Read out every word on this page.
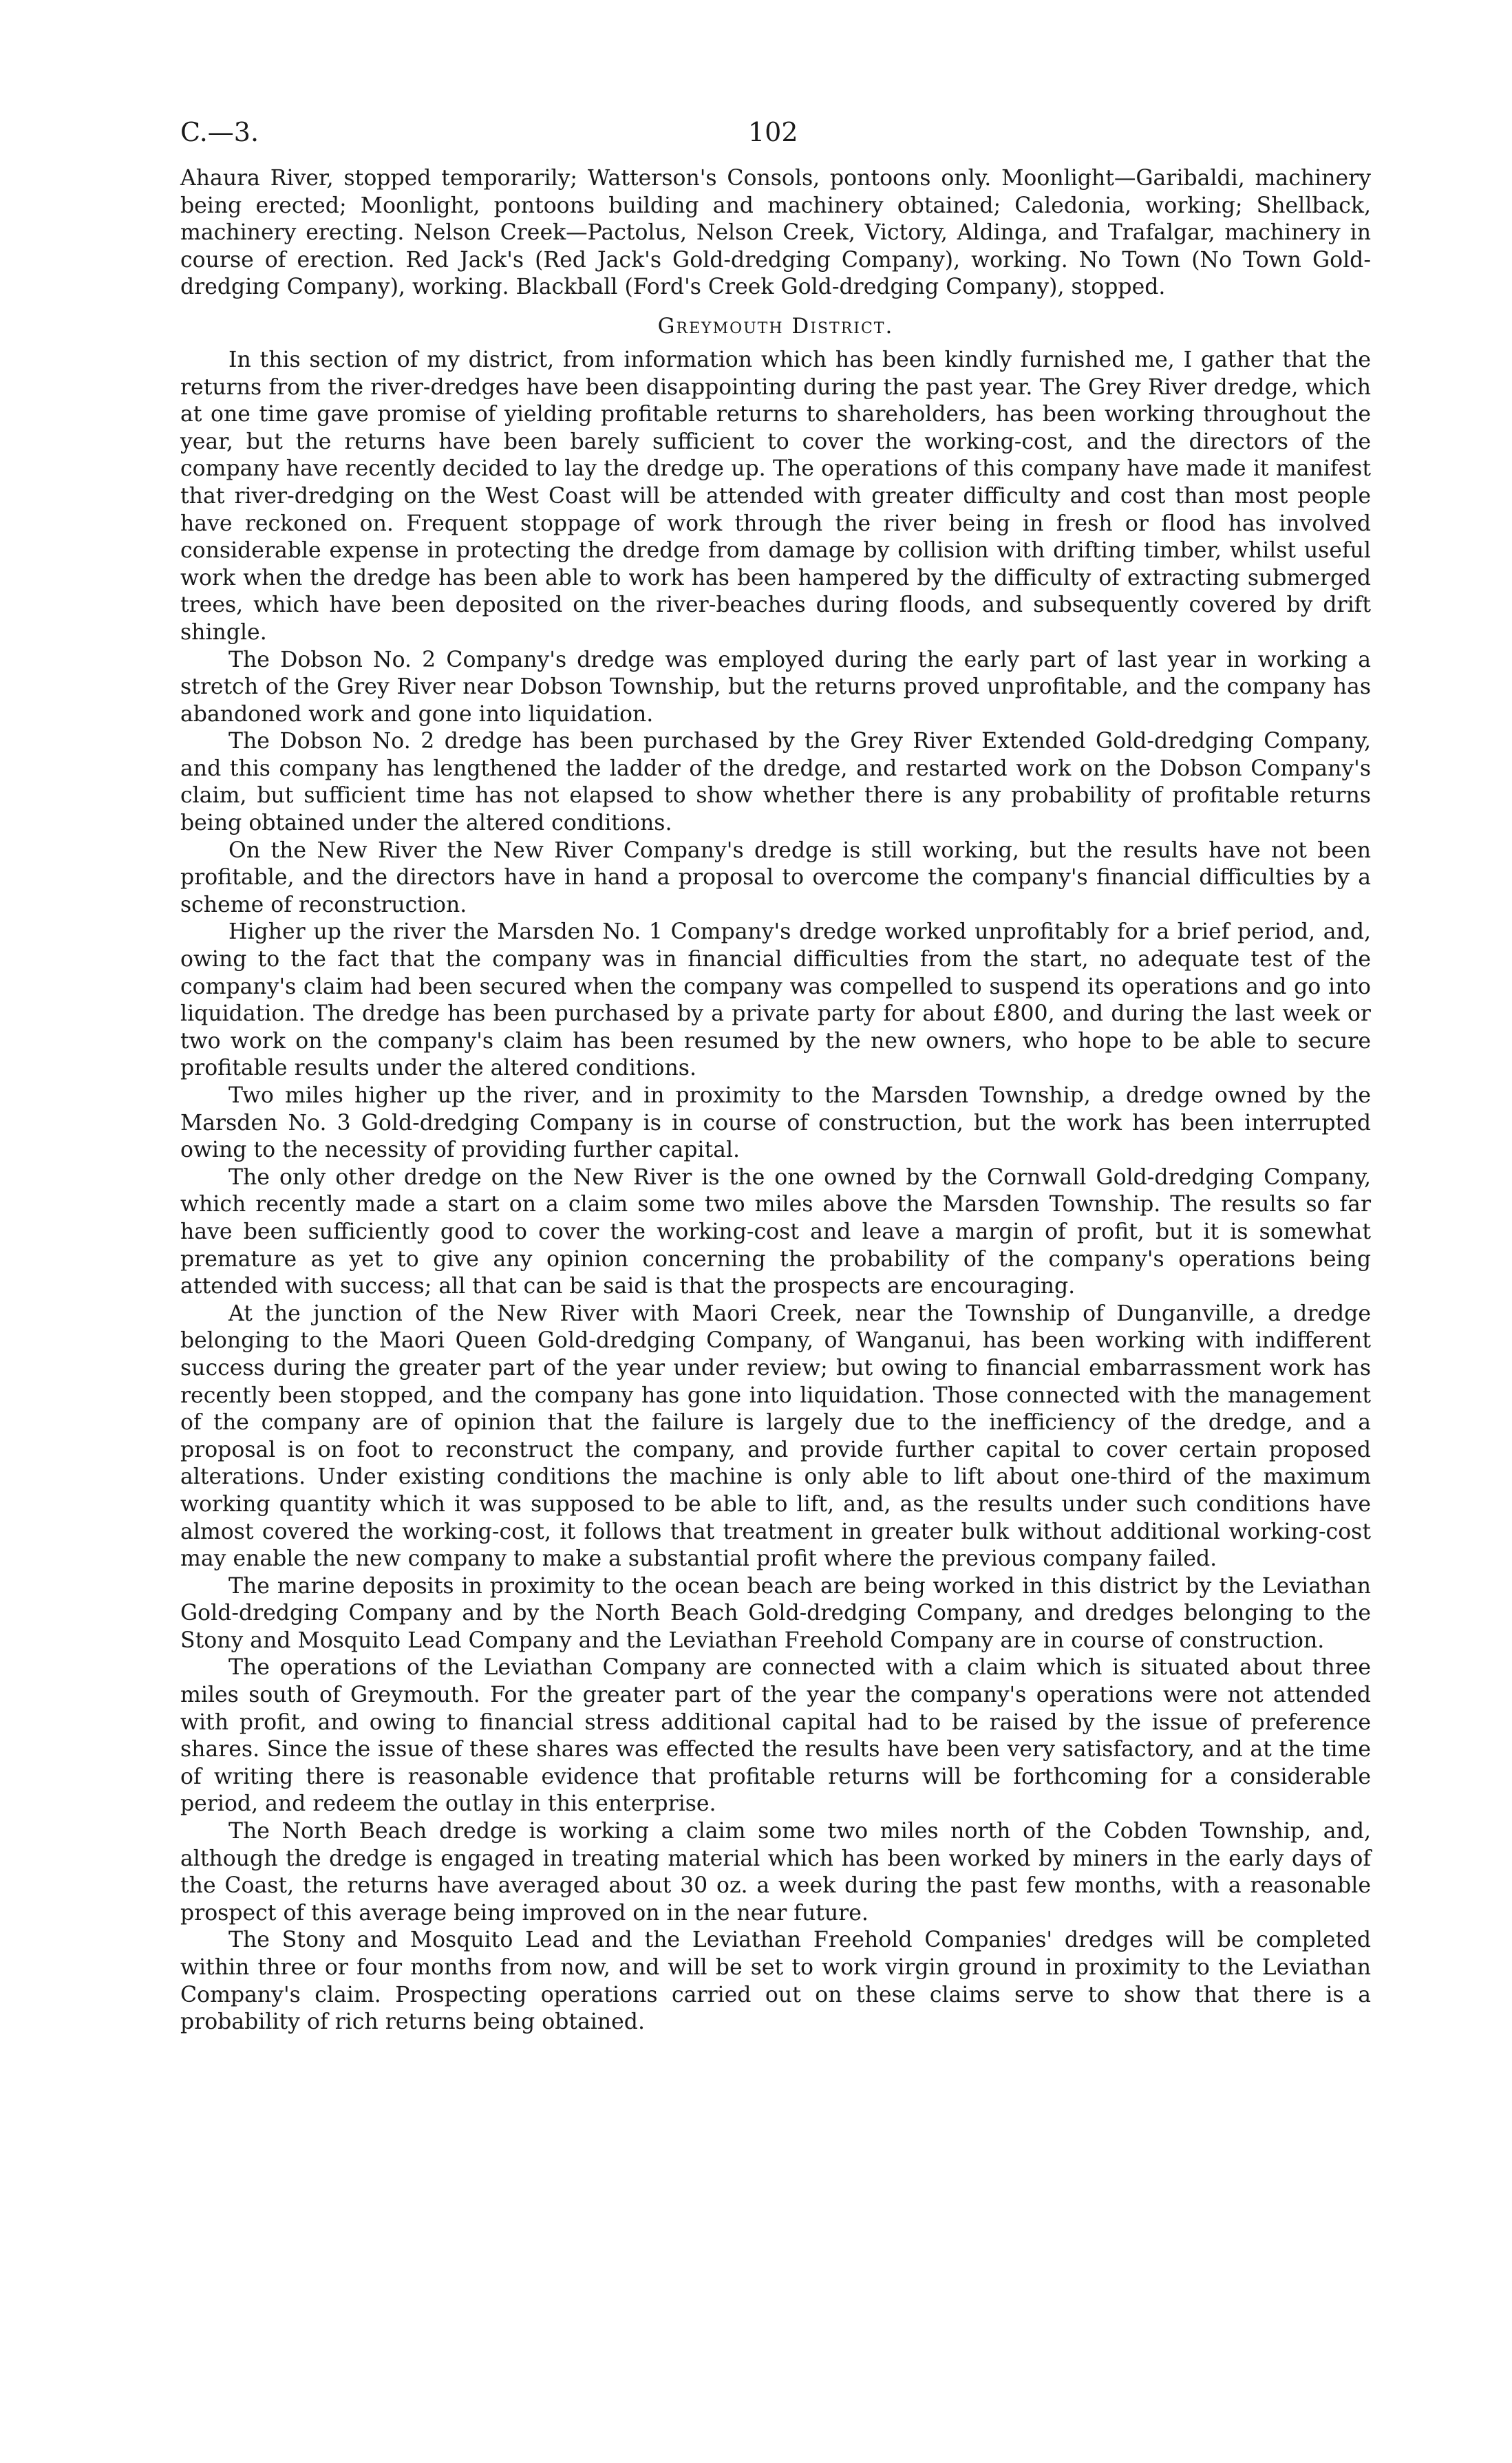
C.—3.	102

Ahaura River, stopped temporarily; Watterson's Consols, pontoons only. Moonlight—Garibaldi, machinery being erected; Moonlight, pontoons building and machinery obtained; Caledonia, working; Shellback, machinery erecting. Nelson Creek—Pactolus, Nelson Creek, Victory, Aldinga, and Trafalgar, machinery in course of erection. Red Jack's (Red Jack's Gold-dredging Company), working. No Town (No Town Gold-dredging Company), working. Blackball (Ford's Creek Gold-dredging Company), stopped.

Greymouth District.

In this section of my district, from information which has been kindly furnished me, I gather that the returns from the river-dredges have been disappointing during the past year. The Grey River dredge, which at one time gave promise of yielding profitable returns to shareholders, has been working throughout the year, but the returns have been barely sufficient to cover the working-cost, and the directors of the company have recently decided to lay the dredge up. The operations of this company have made it manifest that river-dredging on the West Coast will be attended with greater difficulty and cost than most people have reckoned on. Frequent stoppage of work through the river being in fresh or flood has involved considerable expense in protecting the dredge from damage by collision with drifting timber, whilst useful work when the dredge has been able to work has been hampered by the difficulty of extracting submerged trees, which have been deposited on the river-beaches during floods, and subsequently covered by drift shingle.

The Dobson No. 2 Company's dredge was employed during the early part of last year in working a stretch of the Grey River near Dobson Township, but the returns proved unprofitable, and the company has abandoned work and gone into liquidation.

The Dobson No. 2 dredge has been purchased by the Grey River Extended Gold-dredging Company, and this company has lengthened the ladder of the dredge, and restarted work on the Dobson Company's claim, but sufficient time has not elapsed to show whether there is any probability of profitable returns being obtained under the altered conditions.

On the New River the New River Company's dredge is still working, but the results have not been profitable, and the directors have in hand a proposal to overcome the company's financial difficulties by a scheme of reconstruction.

Higher up the river the Marsden No. 1 Company's dredge worked unprofitably for a brief period, and, owing to the fact that the company was in financial difficulties from the start, no adequate test of the company's claim had been secured when the company was compelled to suspend its operations and go into liquidation. The dredge has been purchased by a private party for about £800, and during the last week or two work on the company's claim has been resumed by the new owners, who hope to be able to secure profitable results under the altered conditions.

Two miles higher up the river, and in proximity to the Marsden Township, a dredge owned by the Marsden No. 3 Gold-dredging Company is in course of construction, but the work has been interrupted owing to the necessity of providing further capital.

The only other dredge on the New River is the one owned by the Cornwall Gold-dredging Company, which recently made a start on a claim some two miles above the Marsden Township. The results so far have been sufficiently good to cover the working-cost and leave a margin of profit, but it is somewhat premature as yet to give any opinion concerning the probability of the company's operations being attended with success; all that can be said is that the prospects are encouraging.

At the junction of the New River with Maori Creek, near the Township of Dunganville, a dredge belonging to the Maori Queen Gold-dredging Company, of Wanganui, has been working with indifferent success during the greater part of the year under review; but owing to financial embarrassment work has recently been stopped, and the company has gone into liquidation. Those connected with the management of the company are of opinion that the failure is largely due to the inefficiency of the dredge, and a proposal is on foot to reconstruct the company, and provide further capital to cover certain proposed alterations. Under existing conditions the machine is only able to lift about one-third of the maximum working quantity which it was supposed to be able to lift, and, as the results under such conditions have almost covered the working-cost, it follows that treatment in greater bulk without additional working-cost may enable the new company to make a substantial profit where the previous company failed.

The marine deposits in proximity to the ocean beach are being worked in this district by the Leviathan Gold-dredging Company and by the North Beach Gold-dredging Company, and dredges belonging to the Stony and Mosquito Lead Company and the Leviathan Freehold Company are in course of construction.

The operations of the Leviathan Company are connected with a claim which is situated about three miles south of Greymouth. For the greater part of the year the company's operations were not attended with profit, and owing to financial stress additional capital had to be raised by the issue of preference shares. Since the issue of these shares was effected the results have been very satisfactory, and at the time of writing there is reasonable evidence that profitable returns will be forthcoming for a considerable period, and redeem the outlay in this enterprise.

The North Beach dredge is working a claim some two miles north of the Cobden Township, and, although the dredge is engaged in treating material which has been worked by miners in the early days of the Coast, the returns have averaged about 30 oz. a week during the past few months, with a reasonable prospect of this average being improved on in the near future.

The Stony and Mosquito Lead and the Leviathan Freehold Companies' dredges will be completed within three or four months from now, and will be set to work virgin ground in proximity to the Leviathan Company's claim. Prospecting operations carried out on these claims serve to show that there is a probability of rich returns being obtained.
